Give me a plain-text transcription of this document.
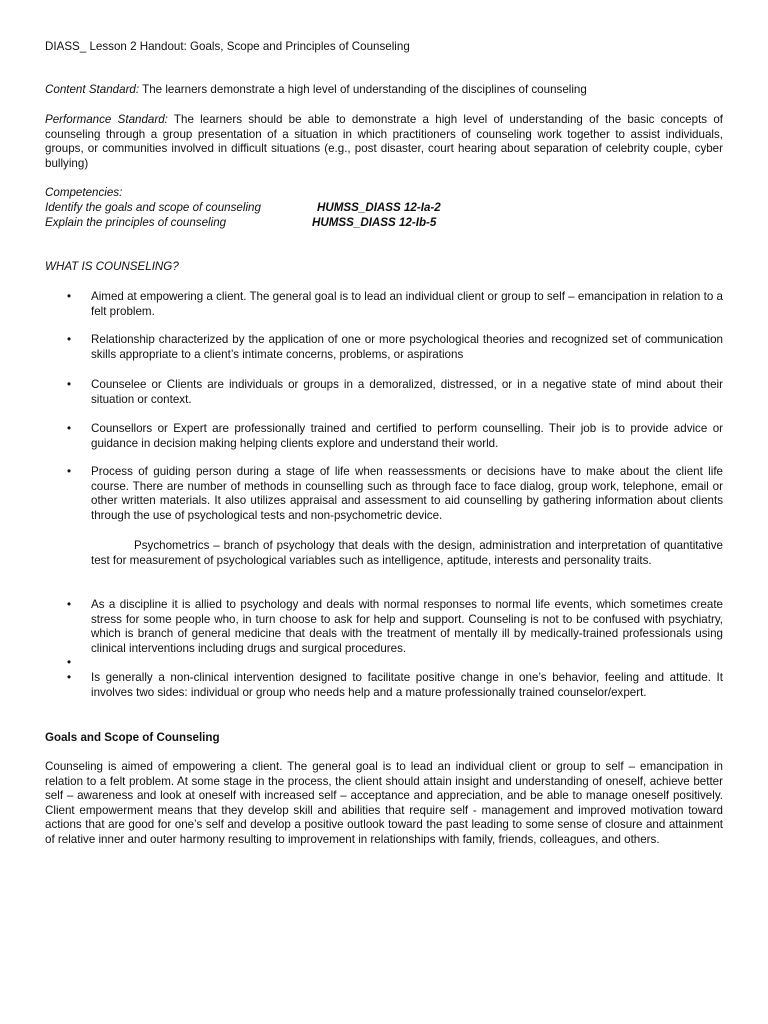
DIASS_ Lesson 2 Handout: Goals, Scope and Principles of Counseling
Content Standard: The learners demonstrate a high level of understanding of the disciplines of counseling
Performance Standard: The learners should be able to demonstrate a high level of understanding of the basic concepts of counseling through a group presentation of a situation in which practitioners of counseling work together to assist individuals, groups, or communities involved in difficult situations (e.g., post disaster, court hearing about separation of celebrity couple, cyber bullying)
Competencies:
Identify the goals and scope of counseling	HUMSS_DIASS 12-Ia-2
Explain the principles of counseling	HUMSS_DIASS 12-Ib-5
WHAT IS COUNSELING?
•	Aimed at empowering a client. The general goal is to lead an individual client or group to self – emancipation in relation to a felt problem.
•	Relationship characterized by the application of one or more psychological theories and recognized set of communication skills appropriate to a client’s intimate concerns, problems, or aspirations
•	Counselee or Clients are individuals or groups in a demoralized, distressed, or in a negative state of mind about their situation or context.
•	Counsellors or Expert are professionally trained and certified to perform counselling. Their job is to provide advice or guidance in decision making helping clients explore and understand their world.
•	Process of guiding person during a stage of life when reassessments or decisions have to make about the client life course. There are number of methods in counselling such as through face to face dialog, group work, telephone, email or other written materials. It also utilizes appraisal and assessment to aid counselling by gathering information about clients through the use of psychological tests and non-psychometric device.
Psychometrics – branch of psychology that deals with the design, administration and interpretation of quantitative test for measurement of psychological variables such as intelligence, aptitude, interests and personality traits.
•	As a discipline it is allied to psychology and deals with normal responses to normal life events, which sometimes create stress for some people who, in turn choose to ask for help and support. Counseling is not to be confused with psychiatry, which is branch of general medicine that deals with the treatment of mentally ill by medically-trained professionals using clinical interventions including drugs and surgical procedures.
•
•	Is generally a non-clinical intervention designed to facilitate positive change in one’s behavior, feeling and attitude. It involves two sides: individual or group who needs help and a mature professionally trained counselor/expert.
Goals and Scope of Counseling
Counseling is aimed of empowering a client. The general goal is to lead an individual client or group to self – emancipation in relation to a felt problem. At some stage in the process, the client should attain insight and understanding of oneself, achieve better self – awareness and look at oneself with increased self – acceptance and appreciation, and be able to manage oneself positively. Client empowerment means that they develop skill and abilities that require self - management and improved motivation toward actions that are good for one’s self and develop a positive outlook toward the past leading to some sense of closure and attainment of relative inner and outer harmony resulting to improvement in relationships with family, friends, colleagues, and others.
